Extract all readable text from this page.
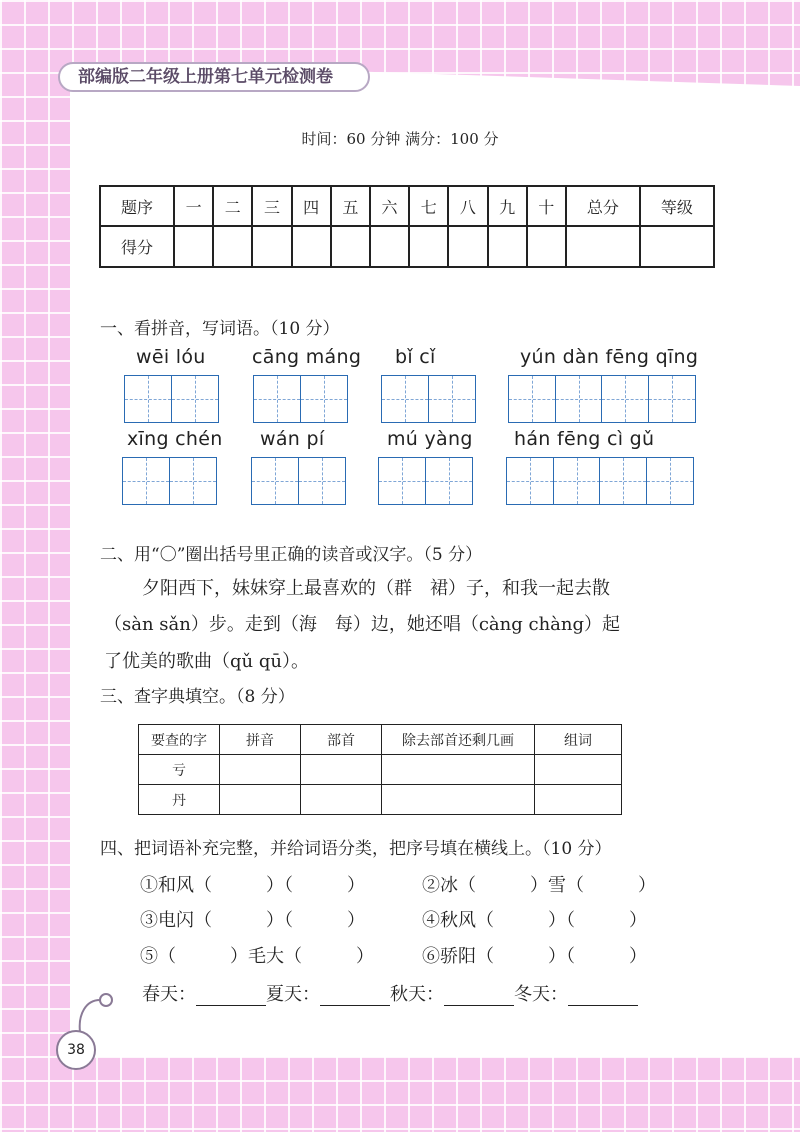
部编版二年级上册第七单元检测卷
时间：60 分钟 满分：100 分
题序	一	二	三	四	五	六	七	八	九	十	总分	等级
得分												
一、看拼音，写词语。（10 分）
wēi lóu cāng máng bǐ cǐ	yún dàn fēng qīng
xīng chén wán pí	mú yàng hán fēng cì gǔ
二、用“〇”圈出括号里正确的读音或汉字。（5 分）
夕阳西下，妹妹穿上最喜欢的（群　裙）子，和我一起去散
（sàn sǎn）步。走到（海　每）边，她还唱（càng chàng）起
了优美的歌曲（qǔ qū）。
三、查字典填空。（8 分）
要查的字	拼音	部首	除去部首还剩几画	组词
亏				
丹				
四、把词语补充完整，并给词语分类，把序号填在横线上。（10 分）
①和风（　　　）（　　　）	②冰（　　　）雪（　　　）
③电闪（　　　）（　　　）	④秋风（　　　）（　　　）
⑤（　　　）毛大（　　　）	⑥骄阳（　　　）（　　　）
春天：	夏天：	秋天：	冬天：
38
